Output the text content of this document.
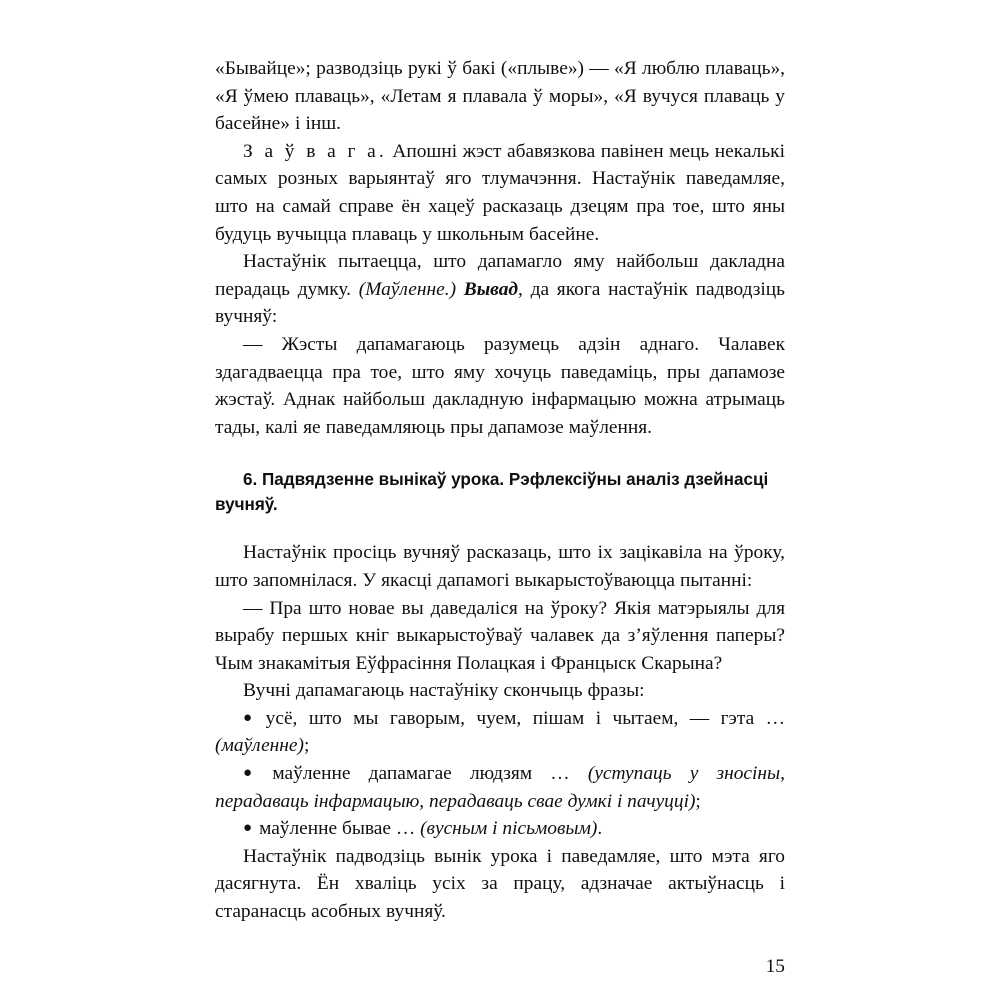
«Бывайце»; разводзіць рукі ў бакі («плыве») — «Я люблю плаваць», «Я ўмею плаваць», «Летам я плавала ў моры», «Я вучуся плаваць у басейне» і інш.

З а ў в а г а. Апошні жэст абавязкова павінен мець некалькі самых розных варыянтаў яго тлумачэння. Настаўнік паведамляе, што на самай справе ён хацеў расказаць дзецям пра тое, што яны будуць вучыцца плаваць у школьным басейне.

Настаўнік пытаецца, што дапамагло яму найбольш дакладна перадаць думку. (Маўленне.) Вывад, да якога настаўнік падводзіць вучняў:

— Жэсты дапамагаюць разумець адзін аднаго. Чалавек здагадваецца пра тое, што яму хочуць паведаміць, пры дапамозе жэстаў. Аднак найбольш дакладную інфармацыю можна атрымаць тады, калі яе паведамляюць пры дапамозе маўлення.

6. Падвядзенне вынікаў урока. Рэфлексіўны аналіз дзейнасці вучняў.

Настаўнік просіць вучняў расказаць, што іх зацікавіла на ўроку, што запомнілася. У якасці дапамогі выкарыстоўваюцца пытанні:

— Пра што новае вы даведаліся на ўроку? Якія матэрыялы для вырабу першых кніг выкарыстоўваў чалавек да з’яўлення паперы? Чым знакамітыя Еўфрасіння Полацкая і Францыск Скарына?

Вучні дапамагаюць настаўніку скончыць фразы:

● усё, што мы гаворым, чуем, пішам і чытаем, — гэта … (маўленне);

● маўленне дапамагае людзям … (уступаць у зносіны, перадаваць інфармацыю, перадаваць свае думкі і пачуцці);

● маўленне бывае … (вусным і пісьмовым).

Настаўнік падводзіць вынік урока і паведамляе, што мэта яго дасягнута. Ён хваліць усіх за працу, адзначае актыўнасць і старанасць асобных вучняў.

15
